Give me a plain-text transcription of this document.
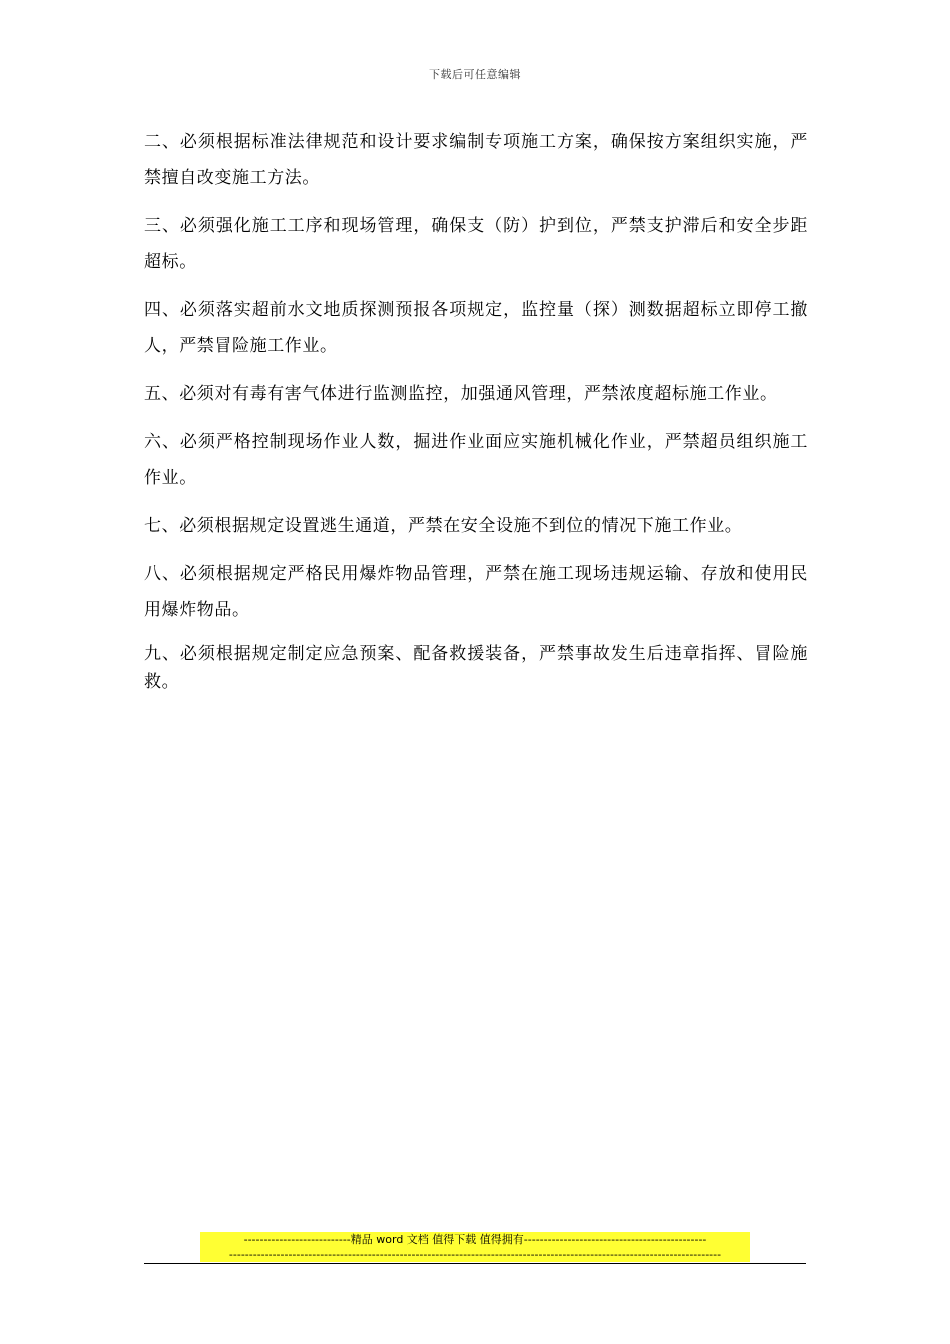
下载后可任意编辑

二、必须根据标准法律规范和设计要求编制专项施工方案，确保按方案组织实施，严禁擅自改变施工方法。

三、必须强化施工工序和现场管理，确保支（防）护到位，严禁支护滞后和安全步距超标。

四、必须落实超前水文地质探测预报各项规定，监控量（探）测数据超标立即停工撤人，严禁冒险施工作业。

五、必须对有毒有害气体进行监测监控，加强通风管理，严禁浓度超标施工作业。

六、必须严格控制现场作业人数，掘进作业面应实施机械化作业，严禁超员组织施工作业。

七、必须根据规定设置逃生通道，严禁在安全设施不到位的情况下施工作业。

八、必须根据规定严格民用爆炸物品管理，严禁在施工现场违规运输、存放和使用民用爆炸物品。

九、必须根据规定制定应急预案、配备救援装备，严禁事故发生后违章指挥、冒险施救。

---------------------------精品 word 文档 值得下载 值得拥有----------------------------------------------
----------------------------------------------------------------------------------------------------------------------------
